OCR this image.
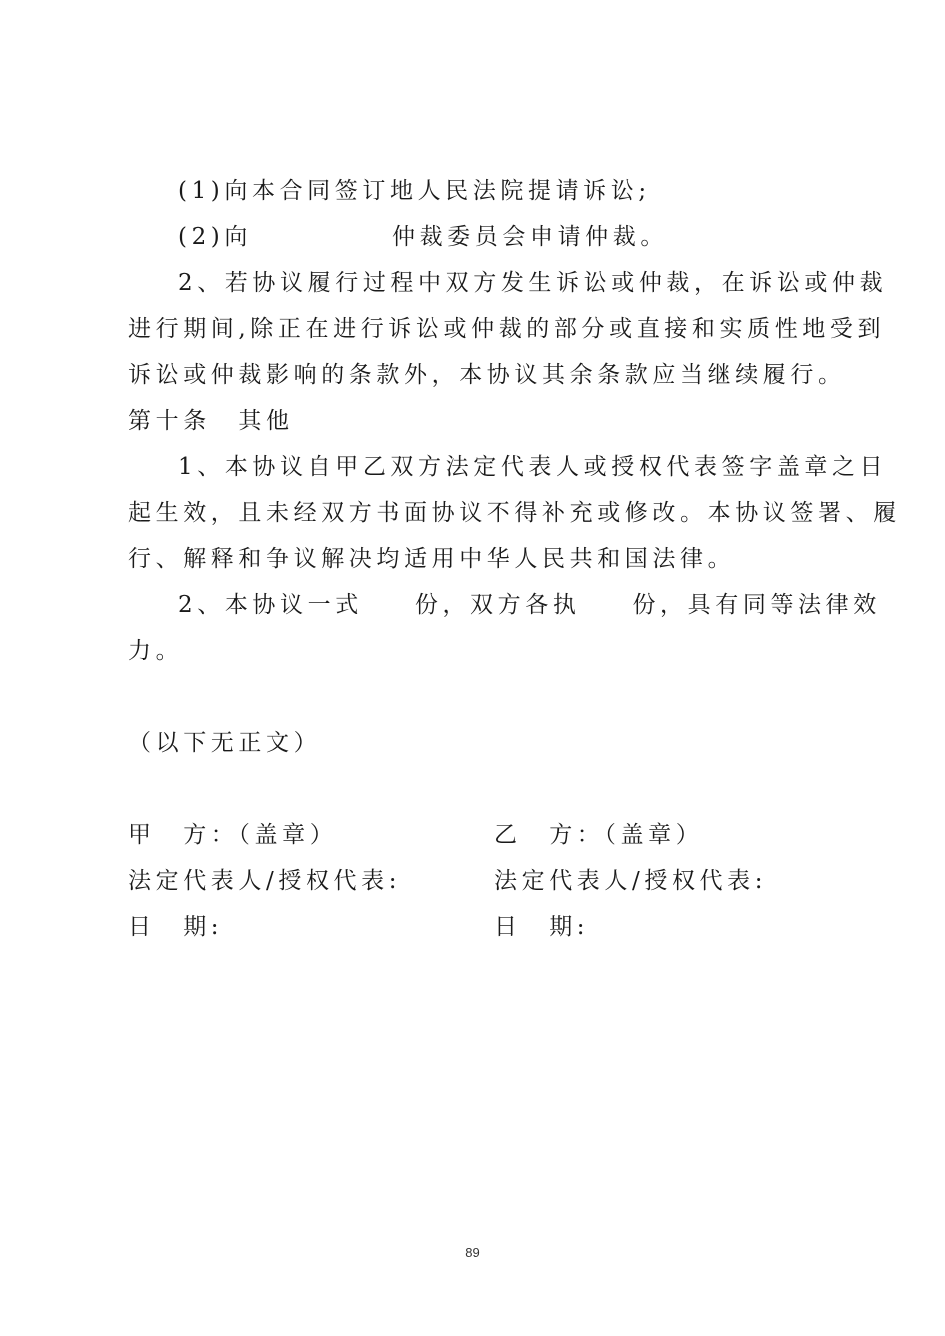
(1)向本合同签订地人民法院提请诉讼;
(2)向	仲裁委员会申请仲裁。
2、若协议履行过程中双方发生诉讼或仲裁，在诉讼或仲裁
进行期间,除正在进行诉讼或仲裁的部分或直接和实质性地受到
诉讼或仲裁影响的条款外，本协议其余条款应当继续履行。
第十条　其他
1、本协议自甲乙双方法定代表人或授权代表签字盖章之日
起生效，且未经双方书面协议不得补充或修改。本协议签署、履
行、解释和争议解决均适用中华人民共和国法律。
2、本协议一式 份，双方各执 份，具有同等法律效
力。
（以下无正文）
甲　方：（盖章）	乙　方：（盖章）
法定代表人/授权代表:	法定代表人/授权代表:
日　期:	日　期:
89
